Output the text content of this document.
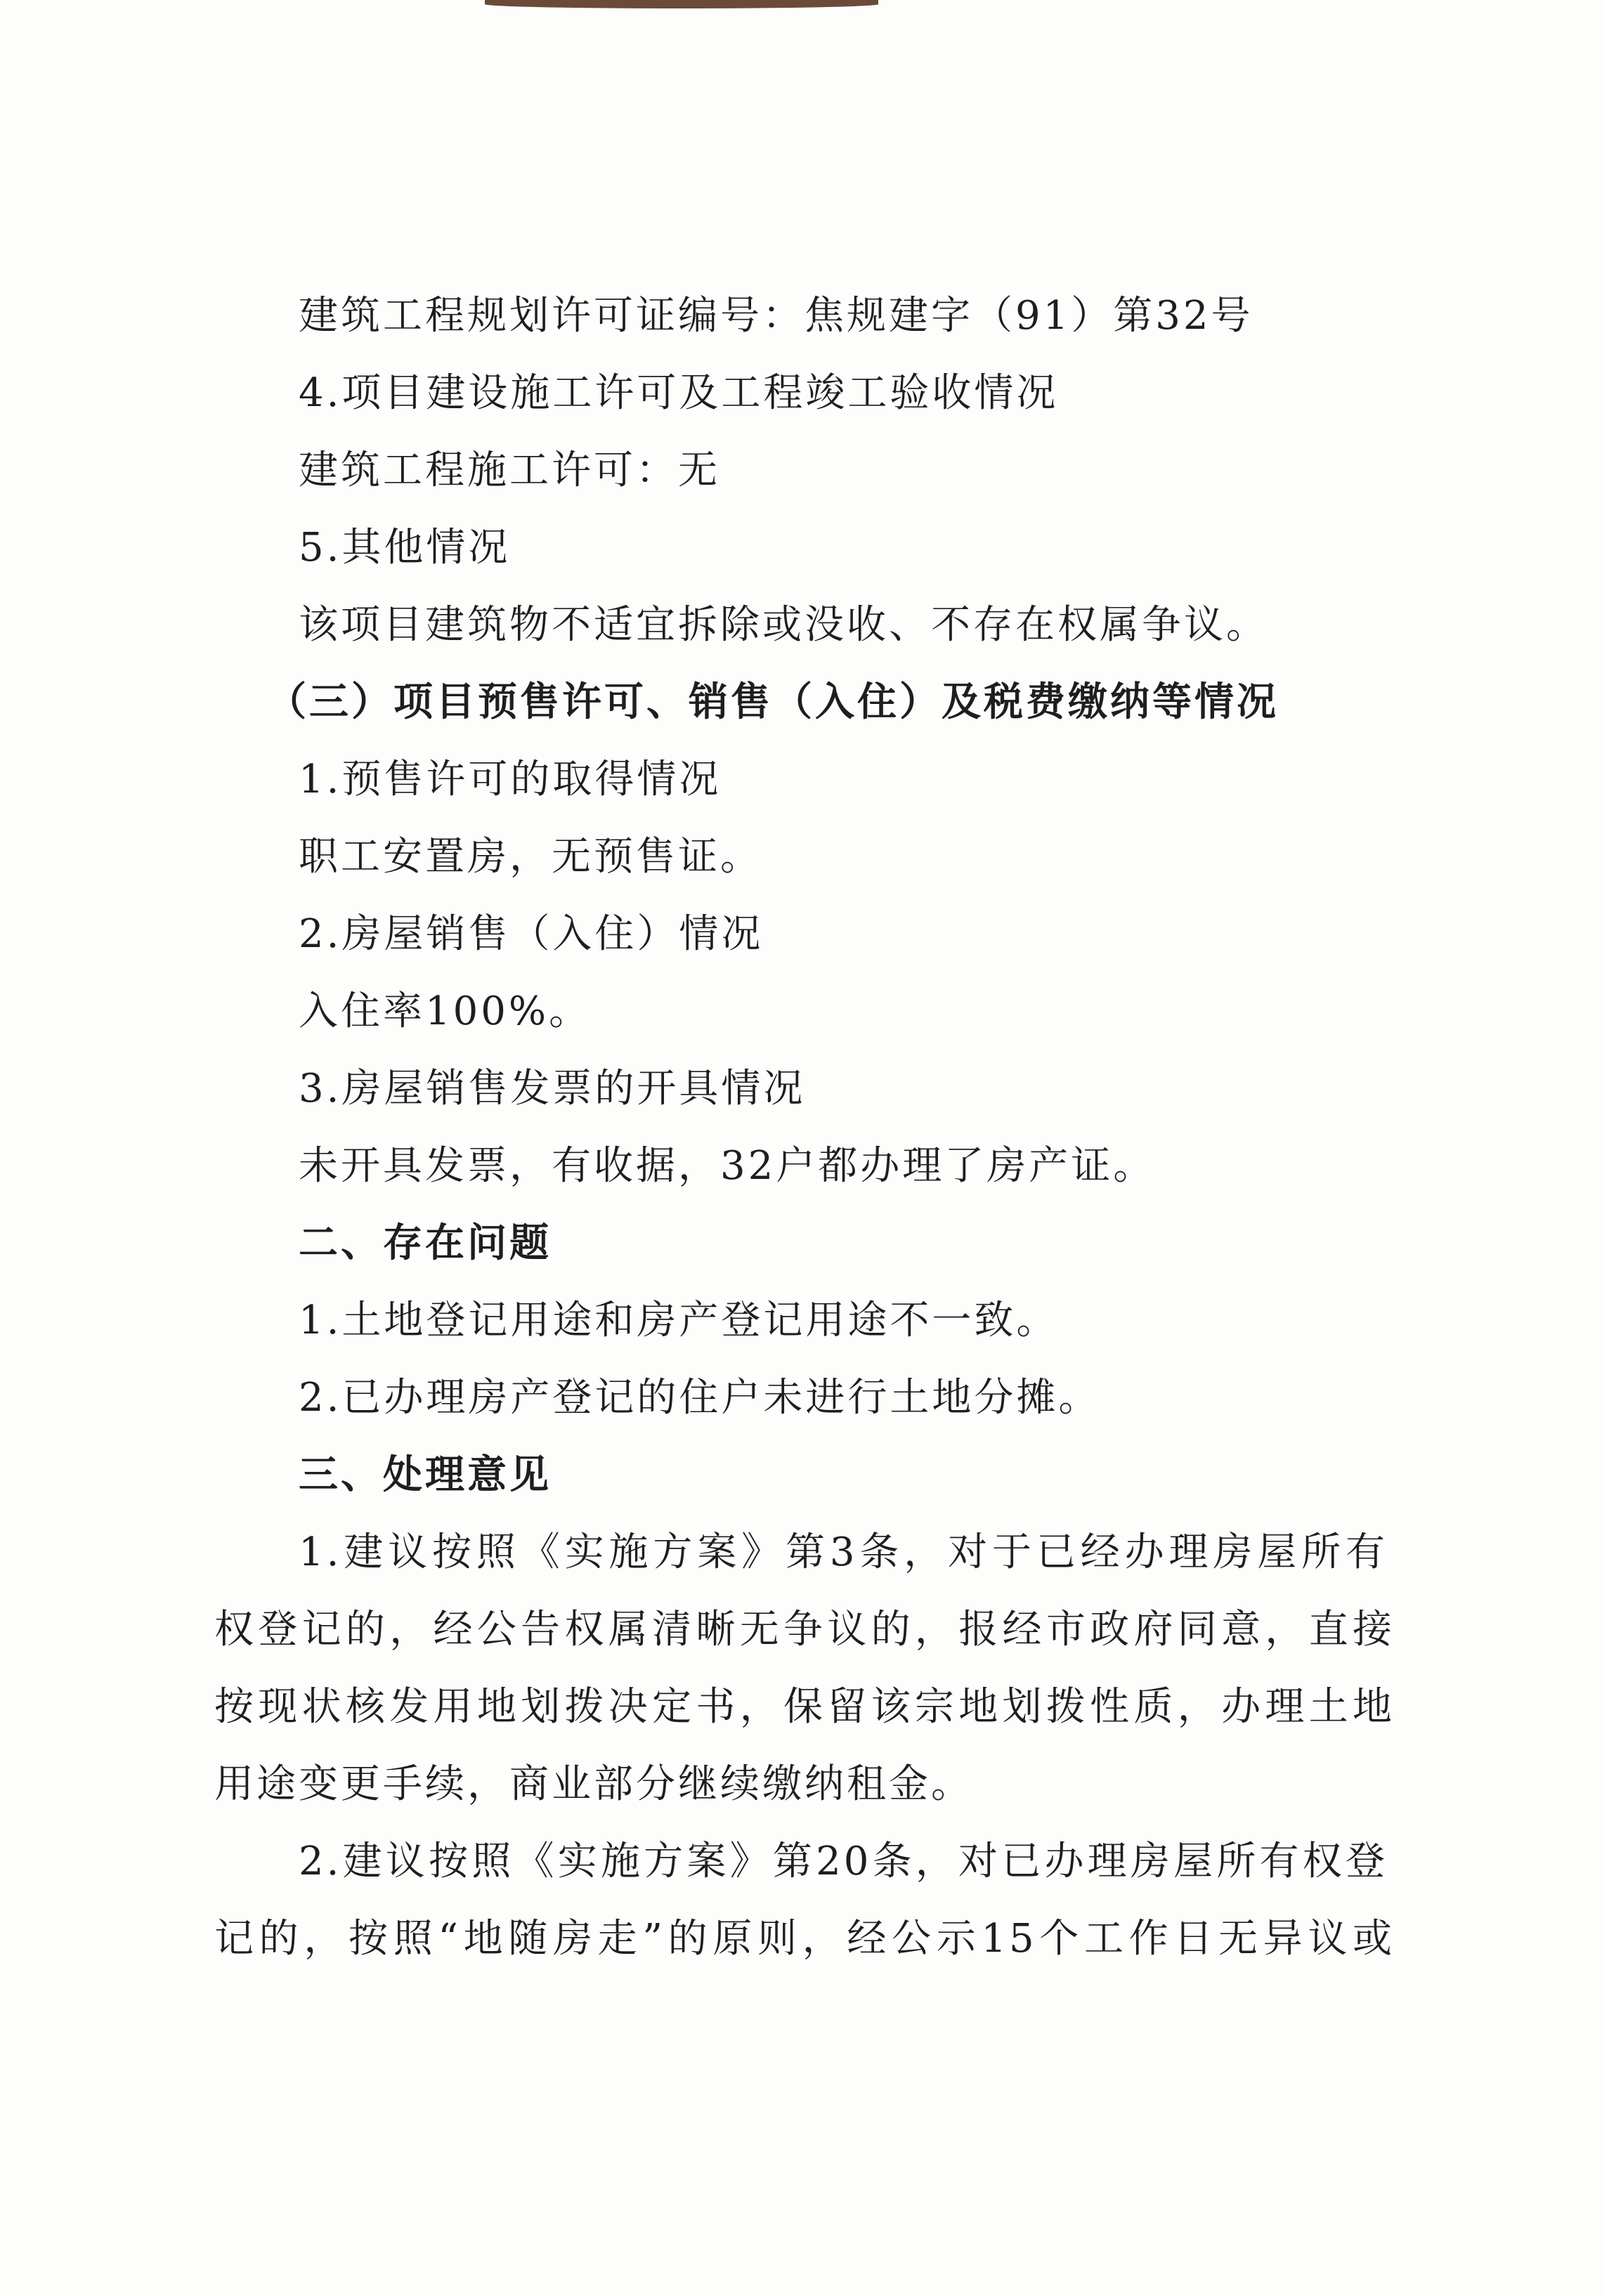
建筑工程规划许可证编号：焦规建字（91）第32号
4.项目建设施工许可及工程竣工验收情况
建筑工程施工许可：无
5.其他情况
该项目建筑物不适宜拆除或没收、不存在权属争议。
（三）项目预售许可、销售（入住）及税费缴纳等情况
1.预售许可的取得情况
职工安置房，无预售证。
2.房屋销售（入住）情况
入住率100%。
3.房屋销售发票的开具情况
未开具发票，有收据，32户都办理了房产证。
二、存在问题
1.土地登记用途和房产登记用途不一致。
2.已办理房产登记的住户未进行土地分摊。
三、处理意见
1.建议按照《实施方案》第3条，对于已经办理房屋所有
权登记的，经公告权属清晰无争议的，报经市政府同意，直接
按现状核发用地划拨决定书，保留该宗地划拨性质，办理土地
用途变更手续，商业部分继续缴纳租金。
2.建议按照《实施方案》第20条，对已办理房屋所有权登
记的，按照“地随房走”的原则，经公示15个工作日无异议或
